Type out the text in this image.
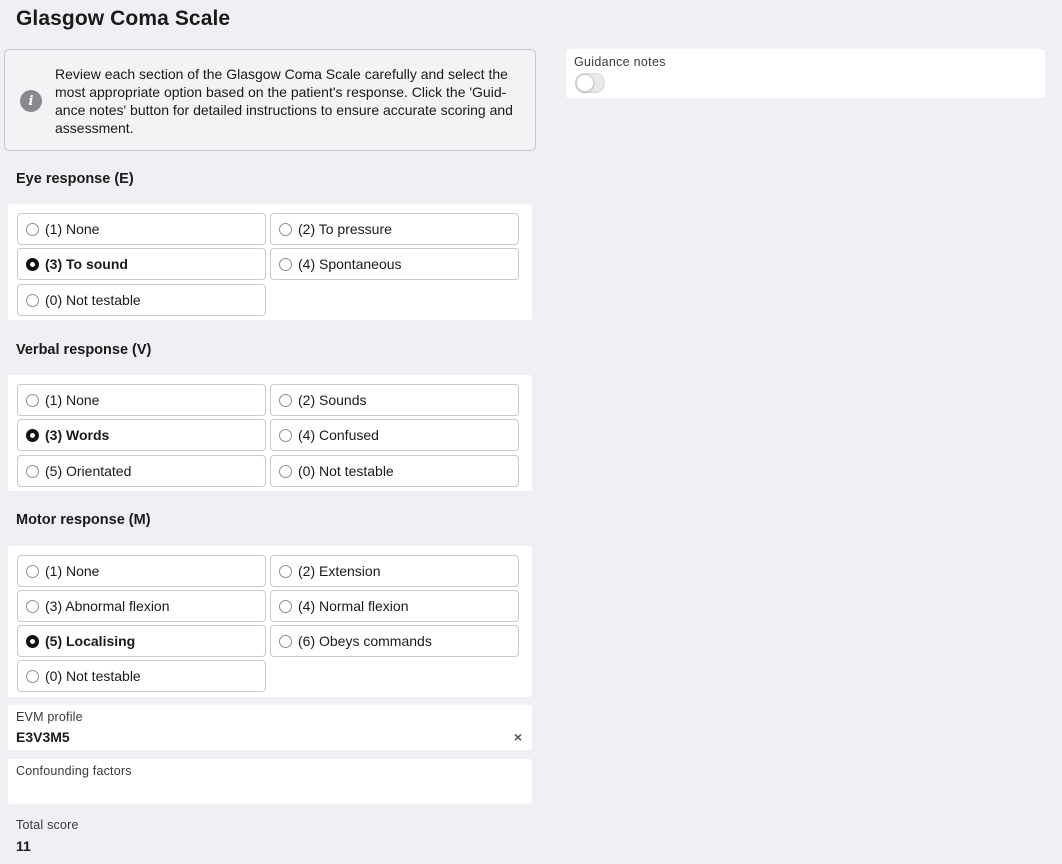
Glasgow Coma Scale
i
Review each section of the Glasgow Coma Scale carefully and select the most appropriate option based on the patient's response. Click the 'Guid-ance notes' button for detailed instructions to ensure accurate scoring and assessment.
Eye response (E)
(1) None	(2) To pressure
(3) To sound	(4) Spontaneous
(0) Not testable
Verbal response (V)
(1) None	(2) Sounds
(3) Words	(4) Confused
(5) Orientated	(0) Not testable
Motor response (M)
(1) None	(2) Extension
(3) Abnormal flexion	(4) Normal flexion
(5) Localising	(6) Obeys commands
(0) Not testable
EVM profile
E3V3M5	×
Confounding factors
Total score
11
Guidance notes
